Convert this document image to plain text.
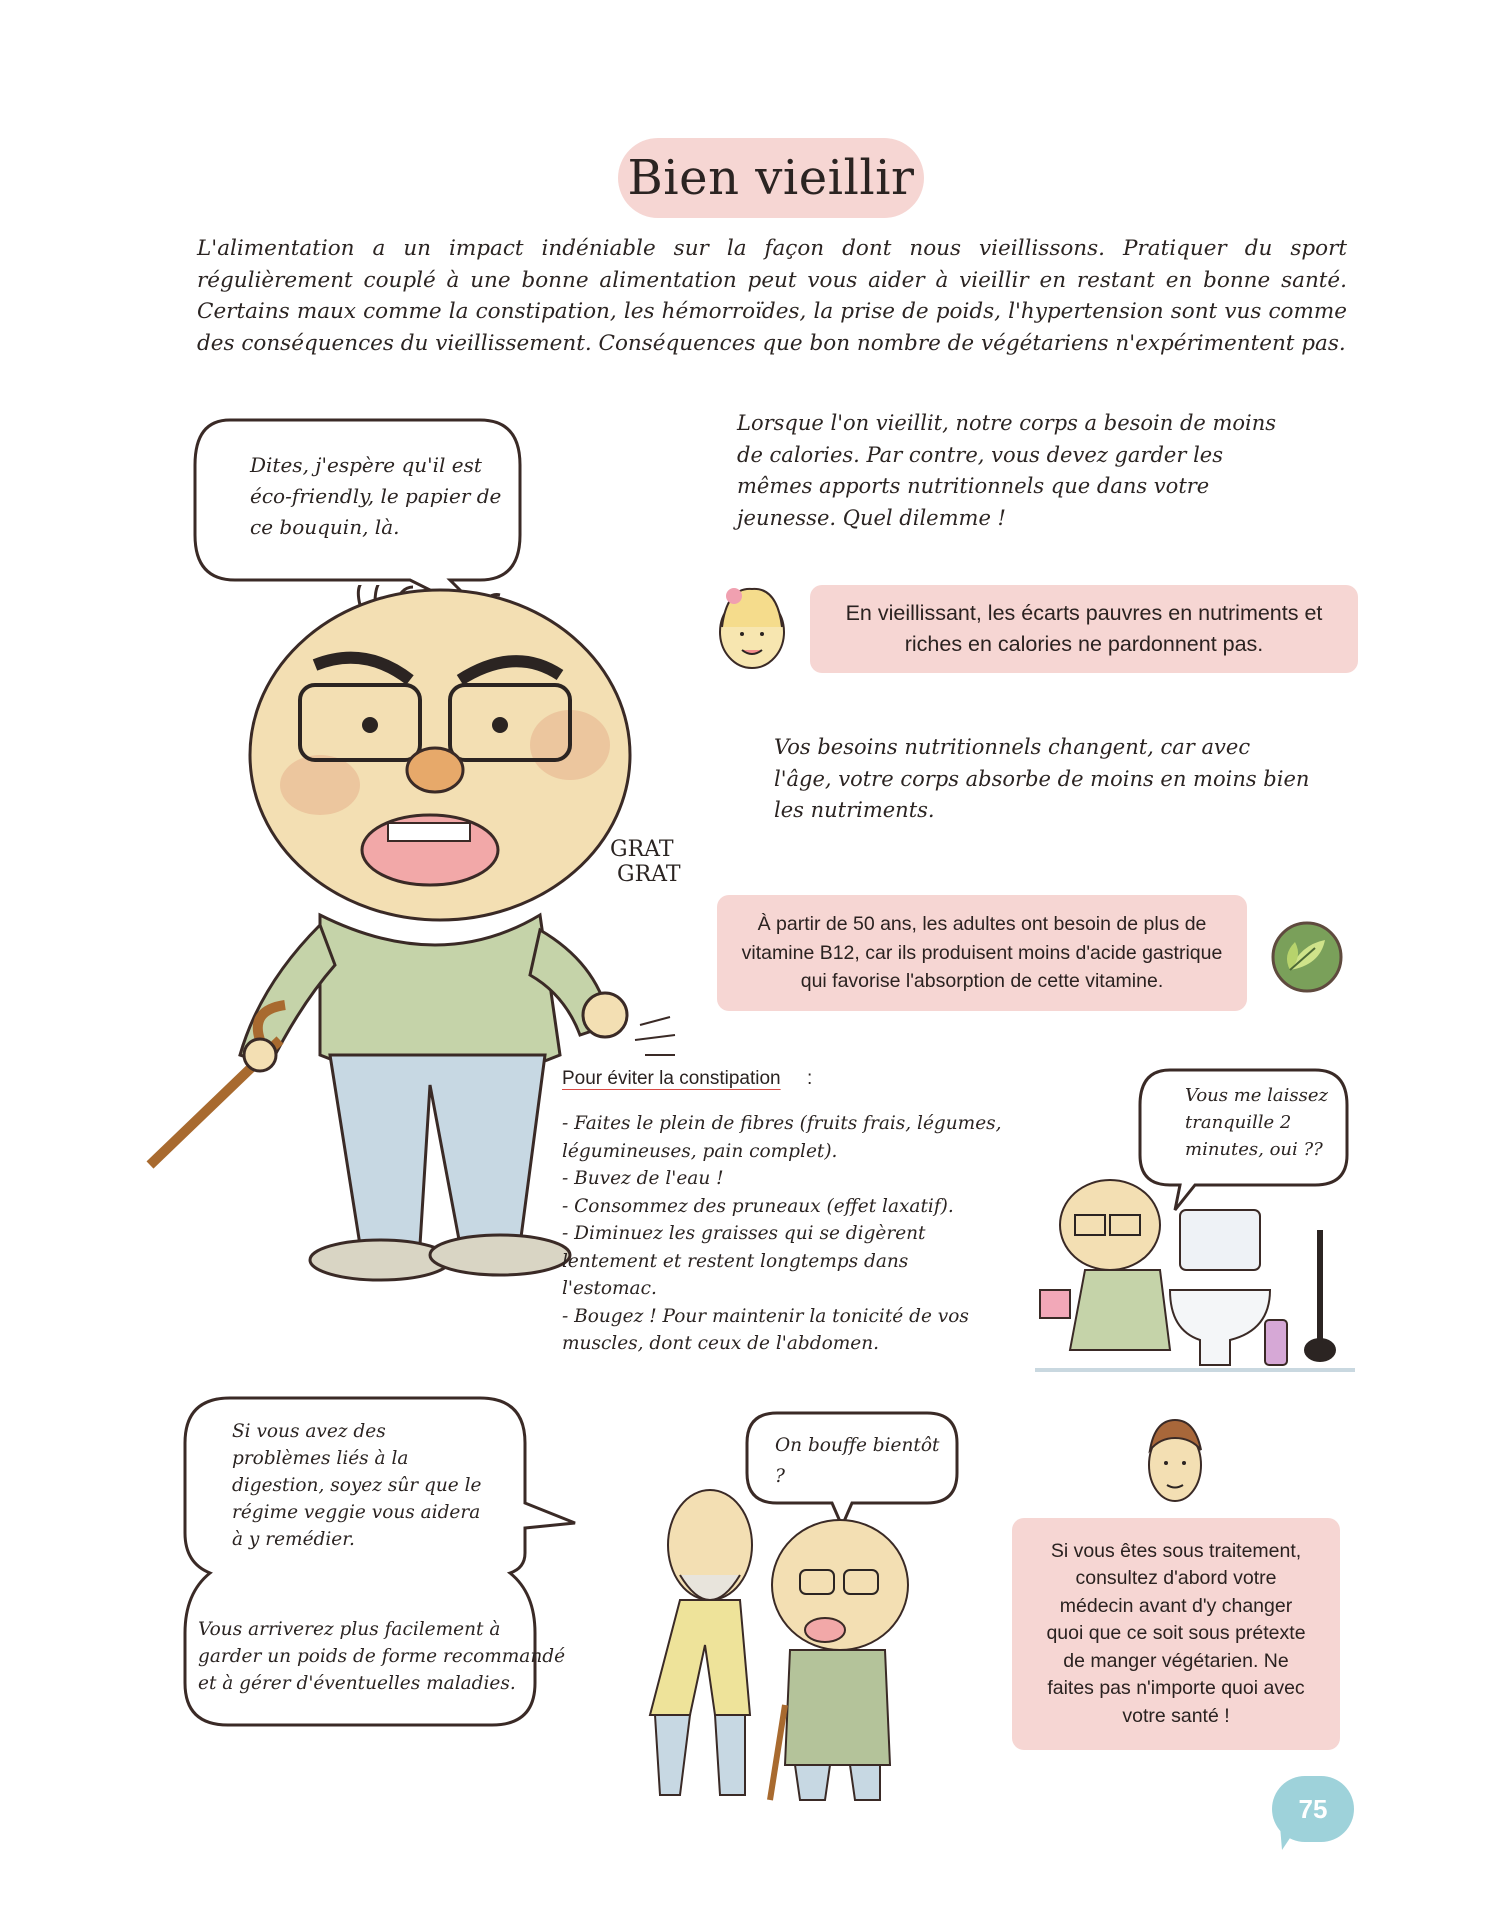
Bien vieillir
L'alimentation a un impact indéniable sur la façon dont nous vieillissons. Pratiquer du sport régulièrement couplé à une bonne alimentation peut vous aider à vieillir en restant en bonne santé. Certains maux comme la constipation, les hémorroïdes, la prise de poids, l'hypertension sont vus comme des conséquences du vieillissement. Conséquences que bon nombre de végétariens n'expérimentent pas.
Dites, j'espère qu'il est éco-friendly, le papier de ce bouquin, là.
GRAT
GRAT
Lorsque l'on vieillit, notre corps a besoin de moins de calories. Par contre, vous devez garder les mêmes apports nutritionnels que dans votre jeunesse. Quel dilemme !
En vieillissant, les écarts pauvres en nutriments et riches en calories ne pardonnent pas.
Vos besoins nutritionnels changent, car avec l'âge, votre corps absorbe de moins en moins bien les nutriments.
À partir de 50 ans, les adultes ont besoin de plus de vitamine B12, car ils produisent moins d'acide gastrique qui favorise l'absorption de cette vitamine.
Pour éviter la constipation :
- Faites le plein de fibres (fruits frais, légumes, légumineuses, pain complet).
- Buvez de l'eau !
- Consommez des pruneaux (effet laxatif).
- Diminuez les graisses qui se digèrent lentement et restent longtemps dans l'estomac.
- Bougez ! Pour maintenir la tonicité de vos muscles, dont ceux de l'abdomen.
Vous me laissez tranquille 2 minutes, oui ??
Si vous avez des problèmes liés à la digestion, soyez sûr que le régime veggie vous aidera à y remédier.
Vous arriverez plus facilement à garder un poids de forme recommandé et à gérer d'éventuelles maladies.
On bouffe bientôt ?
Si vous êtes sous traitement, consultez d'abord votre médecin avant d'y changer quoi que ce soit sous prétexte de manger végétarien. Ne faites pas n'importe quoi avec votre santé !
75
